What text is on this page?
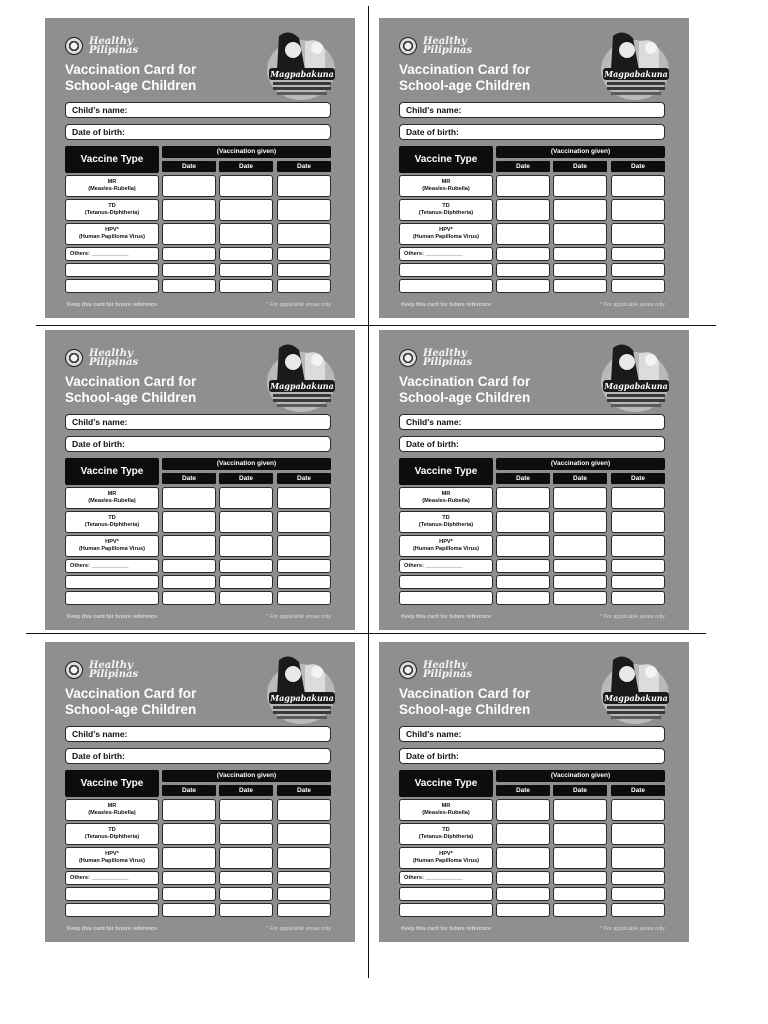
Healthy
Pilipinas
Vaccination Card for
School-age Children
Magpabakuna
Child's name:
Date of birth:
Vaccine Type
(Vaccination given)
Date	Date	Date
MR
(Measles-Rubella)
TD
(Tetanus-Diphtheria)
HPV*
(Human Papilloma Virus)
Others: ____________
Keep this card for future reference	* For applicable areas only
Healthy
Pilipinas
Vaccination Card for
School-age Children
Magpabakuna
Child's name:
Date of birth:
Vaccine Type
(Vaccination given)
Date	Date	Date
MR
(Measles-Rubella)
TD
(Tetanus-Diphtheria)
HPV*
(Human Papilloma Virus)
Others: ____________
Keep this card for future reference	* For applicable areas only
Healthy
Pilipinas
Vaccination Card for
School-age Children
Magpabakuna
Child's name:
Date of birth:
Vaccine Type
(Vaccination given)
Date	Date	Date
MR
(Measles-Rubella)
TD
(Tetanus-Diphtheria)
HPV*
(Human Papilloma Virus)
Others: ____________
Keep this card for future reference	* For applicable areas only
Healthy
Pilipinas
Vaccination Card for
School-age Children
Magpabakuna
Child's name:
Date of birth:
Vaccine Type
(Vaccination given)
Date	Date	Date
MR
(Measles-Rubella)
TD
(Tetanus-Diphtheria)
HPV*
(Human Papilloma Virus)
Others: ____________
Keep this card for future reference	* For applicable areas only
Healthy
Pilipinas
Vaccination Card for
School-age Children
Magpabakuna
Child's name:
Date of birth:
Vaccine Type
(Vaccination given)
Date	Date	Date
MR
(Measles-Rubella)
TD
(Tetanus-Diphtheria)
HPV*
(Human Papilloma Virus)
Others: ____________
Keep this card for future reference	* For applicable areas only
Healthy
Pilipinas
Vaccination Card for
School-age Children
Magpabakuna
Child's name:
Date of birth:
Vaccine Type
(Vaccination given)
Date	Date	Date
MR
(Measles-Rubella)
TD
(Tetanus-Diphtheria)
HPV*
(Human Papilloma Virus)
Others: ____________
Keep this card for future reference	* For applicable areas only
